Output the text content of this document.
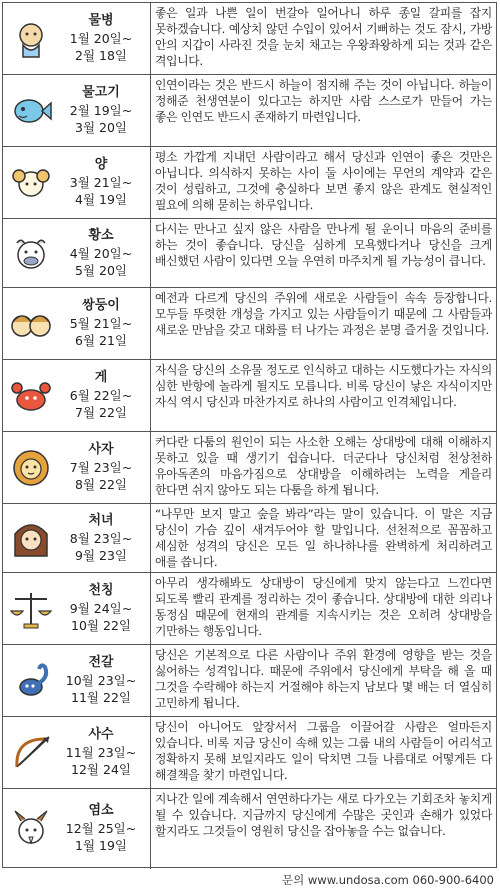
물병
1월 20일~
2월 18일
좋은 일과 나쁜 일이 번갈아 일어나니 하루 종일 갈피를 잡지 못하겠습니다. 예상치 않던 수입이 있어서 기뻐하는 것도 잠시, 가방 안의 지갑이 사라진 것을 눈치 채고는 우왕좌왕하게 되는 것과 같은 격입니다.
물고기
2월 19일~
3월 20일
인연이라는 것은 반드시 하늘이 점지해 주는 것이 아닙니다. 하늘이 정해준 천생연분이 있다고는 하지만 사람 스스로가 만들어 가는 좋은 인연도 반드시 존재하기 마련입니다.
양
3월 21일~
4월 19일
평소 가깝게 지내던 사람이라고 해서 당신과 인연이 좋은 것만은 아닙니다. 의식하지 못하는 사이 둘 사이에는 무언의 계약과 같은 것이 성립하고, 그것에 충실하다 보면 좋지 않은 관계도 현실적인 필요에 의해 묻히는 하루입니다.
황소
4월 20일~
5월 20일
다시는 만나고 싶지 않은 사람을 만나게 될 운이니 마음의 준비를 하는 것이 좋습니다. 당신을 심하게 모욕했다거나 당신을 크게 배신했던 사람이 있다면 오늘 우연히 마주치게 될 가능성이 큽니다.
쌍둥이
5월 21일~
6월 21일
예전과 다르게 당신의 주위에 새로운 사람들이 속속 등장합니다. 모두들 뚜렷한 개성을 가지고 있는 사람들이기 때문에 그 사람들과 새로운 만남을 갖고 대화를 터 나가는 과정은 분명 즐거울 것입니다.
게
6월 22일~
7월 22일
자식을 당신의 소유물 정도로 인식하고 대하는 시도했다가는 자식의 심한 반항에 놀라게 될지도 모릅니다. 비록 당신이 낳은 자식이지만 자식 역시 당신과 마찬가지로 하나의 사람이고 인격체입니다.
사자
7월 23일~
8월 22일
커다란 다툼의 원인이 되는 사소한 오해는 상대방에 대해 이해하지 못하고 있을 때 생기기 쉽습니다. 더군다나 당신처럼 천상천하 유아독존의 마음가짐으로 상대방을 이해하려는 노력을 게을리 한다면 쉬지 않아도 되는 다툼을 하게 됩니다.
처녀
8월 23일~
9월 23일
“나무만 보지 말고 숲을 봐라”라는 말이 있습니다. 이 말은 지금 당신이 가슴 깊이 새겨두어야 할 말입니다. 선천적으로 꼼꼼하고 세심한 성격의 당신은 모든 일 하나하나를 완벽하게 처리하려고 애를 씁니다.
천칭
9월 24일~
10월 22일
아무리 생각해봐도 상대방이 당신에게 맞지 않는다고 느낀다면 되도록 빨리 관계를 정리하는 것이 좋습니다. 상대방에 대한 의리나 동정심 때문에 현재의 관계를 지속시키는 것은 오히려 상대방을 기만하는 행동입니다.
전갈
10월 23일~
11월 22일
당신은 기본적으로 다른 사람이나 주위 환경에 영향을 받는 것을 싫어하는 성격입니다. 때문에 주위에서 당신에게 부탁을 해 올 때 그것을 수락해야 하는지 거절해야 하는지 남보다 몇 배는 더 열심히 고민하게 됩니다.
사수
11월 23일~
12월 24일
당신이 아니어도 앞장서서 그룹을 이끌어갈 사람은 얼마든지 있습니다. 비록 지금 당신이 속해 있는 그룹 내의 사람들이 어리석고 정확하지 못해 보일지라도 일이 닥치면 그들 나름대로 어떻게든 다 해결책을 찾기 마련입니다.
염소
12월 25일~
1월 19일
지나간 일에 계속해서 연연하다가는 새로 다가오는 기회조차 놓치게 될 수 있습니다. 지금까지 당신에게 수많은 곳인과 손해가 있었다 할지라도 그것들이 영원히 당신을 잡아놓을 수는 없습니다.
문의 www.undosa.com 060-900-6400
